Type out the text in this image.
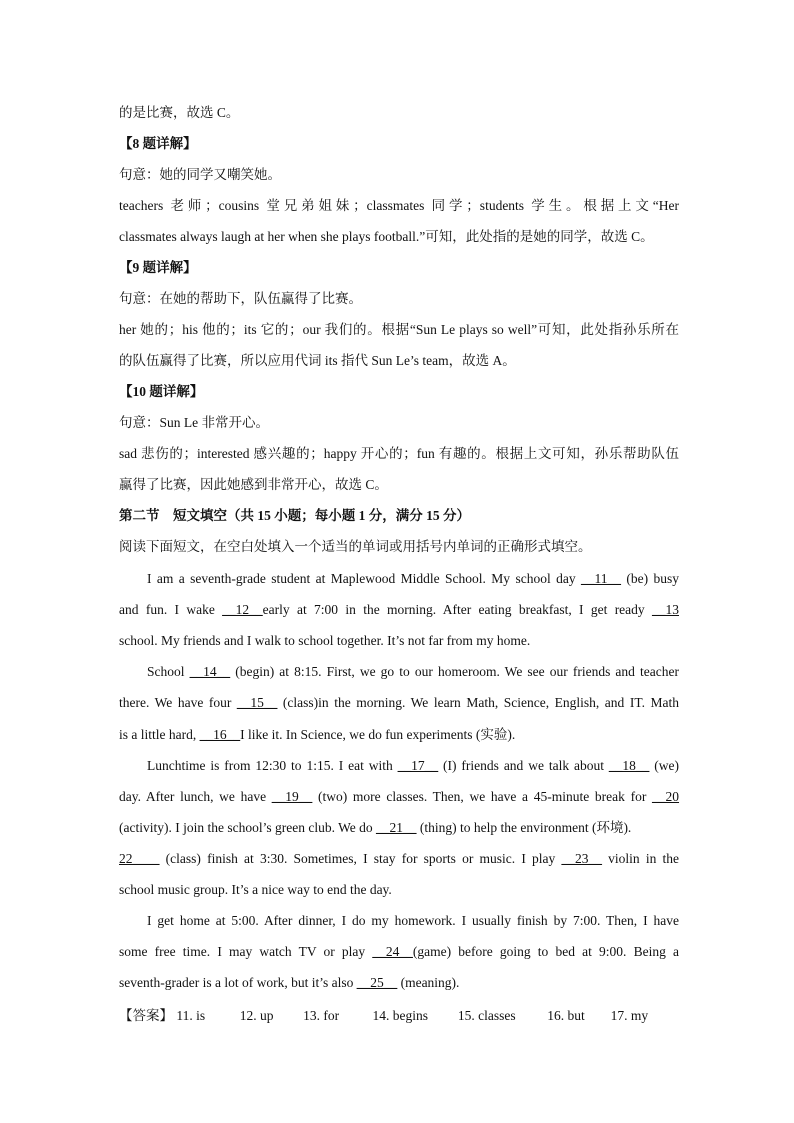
的是比赛，故选 C。
【8 题详解】
句意：她的同学又嘲笑她。
teachers 老师；cousins 堂兄弟姐妹；classmates 同学；students 学生。根据上文“Her
classmates always laugh at her when she plays football.”可知，此处指的是她的同学，故选 C。
【9 题详解】
句意：在她的帮助下，队伍赢得了比赛。
her 她的；his 他的；its 它的；our 我们的。根据“Sun Le plays so well”可知，此处指孙乐所在
的队伍赢得了比赛，所以应用代词 its 指代 Sun Le’s team，故选 A。
【10 题详解】
句意：Sun Le 非常开心。
sad 悲伤的；interested 感兴趣的；happy 开心的；fun 有趣的。根据上文可知，孙乐帮助队伍
赢得了比赛，因此她感到非常开心，故选 C。
第二节　短文填空（共 15 小题；每小题 1 分，满分 15 分）
阅读下面短文，在空白处填入一个适当的单词或用括号内单词的正确形式填空。
I am a seventh-grade student at Maplewood Middle School. My school day __11__ (be) busy
and fun. I wake __12__early at 7:00 in the morning. After eating breakfast, I get ready __13
school. My friends and I walk to school together. It’s not far from my home.
School __14__ (begin) at 8:15. First, we go to our homeroom. We see our friends and teacher
there. We have four __15__ (class)in the morning. We learn Math, Science, English, and IT. Math
is a little hard, __16__I like it. In Science, we do fun experiments (实验).
Lunchtime is from 12:30 to 1:15. I eat with __17__ (I) friends and we talk about __18__ (we)
day. After lunch, we have __19__ (two) more classes. Then, we have a 45-minute break for __20
(activity). I join the school’s green club. We do __21__ (thing) to help the environment (环境).
22____ (class) finish at 3:30. Sometimes, I stay for sports or music. I play __23__ violin in the
school music group. It’s a nice way to end the day.
I get home at 5:00. After dinner, I do my homework. I usually finish by 7:00. Then, I have
some free time. I may watch TV or play __24__(game) before going to bed at 9:00. Being a
seventh-grader is a lot of work, but it’s also __25__ (meaning).
【答案】 11. is	12. up 13. for 14. begins 15. classes 16. but 17. my
